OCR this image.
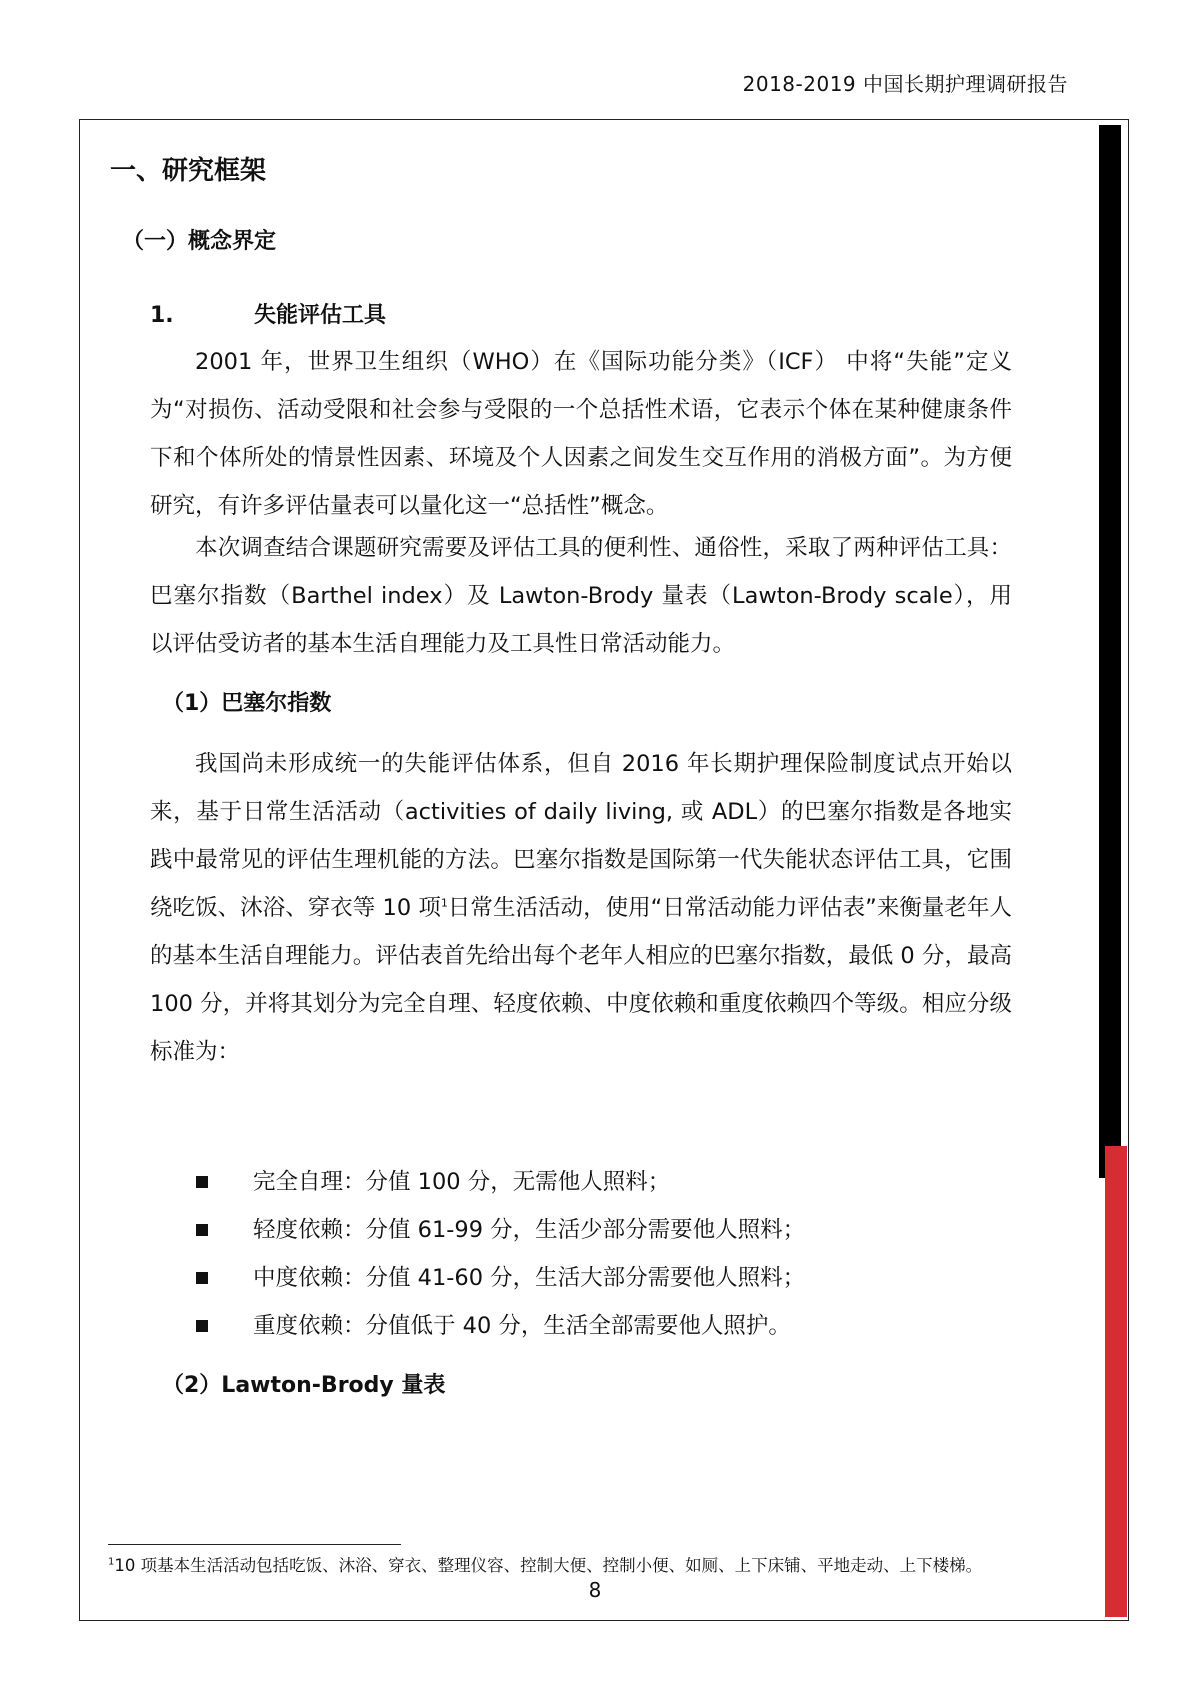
2018-2019 中国长期护理调研报告
一、研究框架
（一）概念界定
1.	失能评估工具

2001 年，世界卫生组织（WHO）在《国际功能分类》（ICF） 中将“失能”定义为“对损伤、活动受限和社会参与受限的一个总括性术语，它表示个体在某种健康条件下和个体所处的情景性因素、环境及个人因素之间发生交互作用的消极方面”。为方便研究，有许多评估量表可以量化这一“总括性”概念。

本次调查结合课题研究需要及评估工具的便利性、通俗性，采取了两种评估工具：巴塞尔指数（Barthel index）及 Lawton-Brody 量表（Lawton-Brody scale），用以评估受访者的基本生活自理能力及工具性日常活动能力。

（1）巴塞尔指数

我国尚未形成统一的失能评估体系，但自 2016 年长期护理保险制度试点开始以来，基于日常生活活动（activities of daily living, 或 ADL）的巴塞尔指数是各地实践中最常见的评估生理机能的方法。巴塞尔指数是国际第一代失能状态评估工具，它围绕吃饭、沐浴、穿衣等 10 项$^1$日常生活活动，使用“日常活动能力评估表”来衡量老年人的基本生活自理能力。评估表首先给出每个老年人相应的巴塞尔指数，最低 0 分，最高 100 分，并将其划分为完全自理、轻度依赖、中度依赖和重度依赖四个等级。相应分级标准为：

完全自理：分值 100 分，无需他人照料；
轻度依赖：分值 61-99 分，生活少部分需要他人照料；
中度依赖：分值 41-60 分，生活大部分需要他人照料；
重度依赖：分值低于 40 分，生活全部需要他人照护。
（2）Lawton-Brody 量表
$^1$10 项基本生活活动包括吃饭、沐浴、穿衣、整理仪容、控制大便、控制小便、如厕、上下床铺、平地走动、上下楼梯。
8
